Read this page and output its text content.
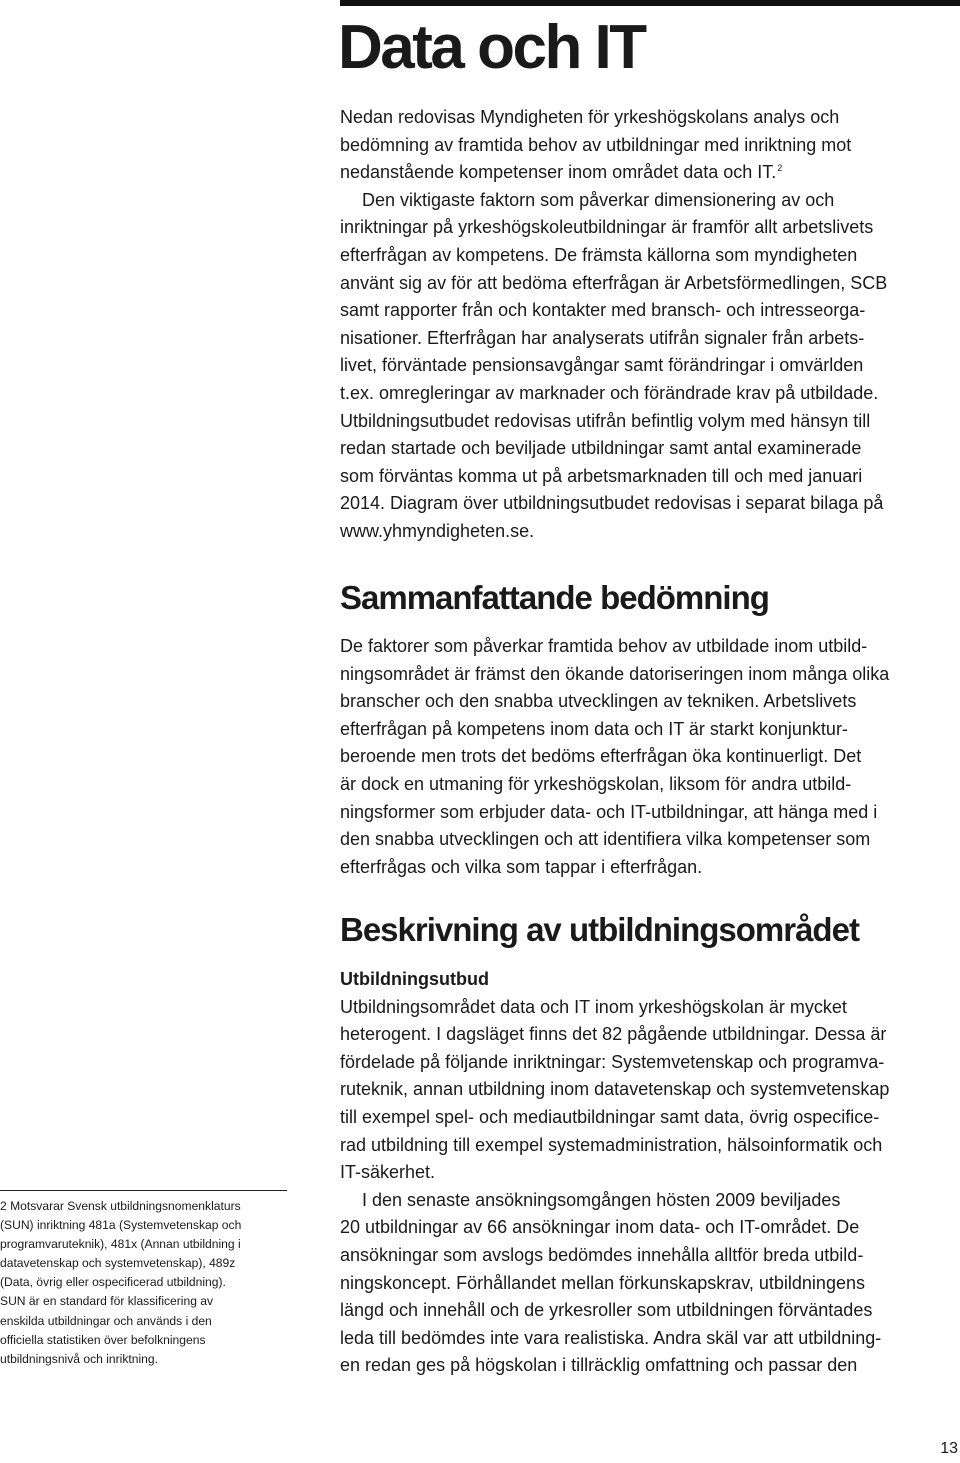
Data och IT

Nedan redovisas Myndigheten för yrkeshögskolans analys och
bedömning av framtida behov av utbildningar med inriktning mot
nedanstående kompetenser inom området data och IT.$^2$

Den viktigaste faktorn som påverkar dimensionering av och
inriktningar på yrkeshögskoleutbildningar är framför allt arbetslivets
efterfrågan av kompetens. De främsta källorna som myndigheten
använt sig av för att bedöma efterfrågan är Arbetsförmedlingen, SCB
samt rapporter från och kontakter med bransch- och intresseorga-
nisationer. Efterfrågan har analyserats utifrån signaler från arbets-
livet, förväntade pensionsavgångar samt förändringar i omvärlden
t.ex. omregleringar av marknader och förändrade krav på utbildade.
Utbildningsutbudet redovisas utifrån befintlig volym med hänsyn till
redan startade och beviljade utbildningar samt antal examinerade
som förväntas komma ut på arbetsmarknaden till och med januari
2014. Diagram över utbildningsutbudet redovisas i separat bilaga på
www.yhmyndigheten.se.

Sammanfattande bedömning

De faktorer som påverkar framtida behov av utbildade inom utbild-
ningsområdet är främst den ökande datoriseringen inom många olika
branscher och den snabba utvecklingen av tekniken. Arbetslivets
efterfrågan på kompetens inom data och IT är starkt konjunktur-
beroende men trots det bedöms efterfrågan öka kontinuerligt. Det
är dock en utmaning för yrkeshögskolan, liksom för andra utbild-
ningsformer som erbjuder data- och IT-utbildningar, att hänga med i
den snabba utvecklingen och att identifiera vilka kompetenser som
efterfrågas och vilka som tappar i efterfrågan.

Beskrivning av utbildningsområdet

Utbildningsutbud

Utbildningsområdet data och IT inom yrkeshögskolan är mycket
heterogent. I dagsläget finns det 82 pågående utbildningar. Dessa är
fördelade på följande inriktningar: Systemvetenskap och programva-
ruteknik, annan utbildning inom datavetenskap och systemvetenskap
till exempel spel- och mediautbildningar samt data, övrig ospecifice-
rad utbildning till exempel systemadministration, hälsoinformatik och
IT-säkerhet.

I den senaste ansökningsomgången hösten 2009 beviljades
20 utbildningar av 66 ansökningar inom data- och IT-området. De
ansökningar som avslogs bedömdes innehålla alltför breda utbild-
ningskoncept. Förhållandet mellan förkunskapskrav, utbildningens
längd och innehåll och de yrkesroller som utbildningen förväntades
leda till bedömdes inte vara realistiska. Andra skäl var att utbildning-
en redan ges på högskolan i tillräcklig omfattning och passar den

2 Motsvarar Svensk utbildningsnomenklaturs
(SUN) inriktning 481a (Systemvetenskap och
programvaruteknik), 481x (Annan utbildning i
datavetenskap och systemvetenskap), 489z
(Data, övrig eller ospecificerad utbildning).
SUN är en standard för klassificering av
enskilda utbildningar och används i den
officiella statistiken över befolkningens
utbildningsnivå och inriktning.

13
